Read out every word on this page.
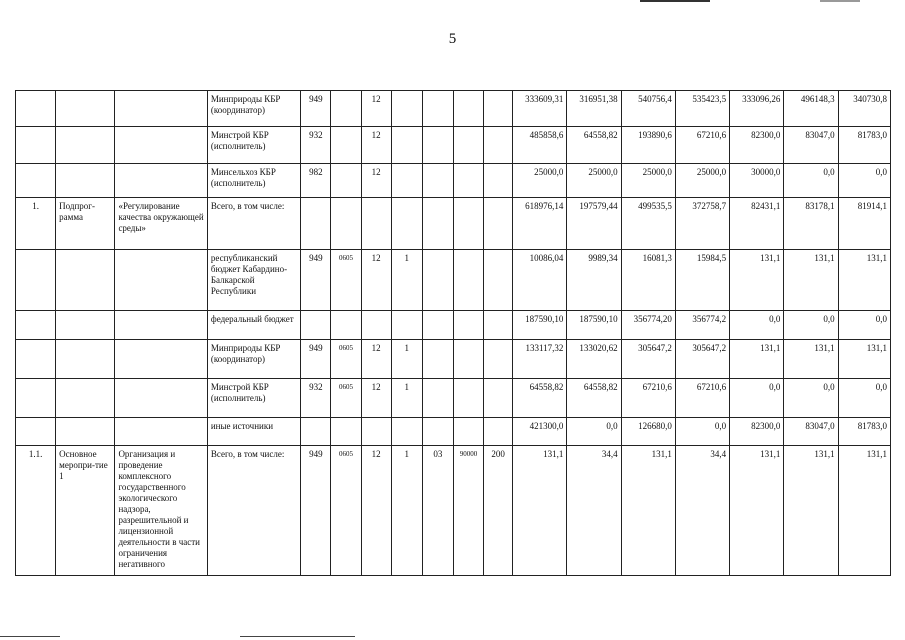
5
			Минприроды КБР (координатор)	949		12					333609,31	316951,38	540756,4	535423,5	333096,26	496148,3	340730,8
			Минстрой КБР (исполнитель)	932		12					485858,6	64558,82	193890,6	67210,6	82300,0	83047,0	81783,0
			Минсельхоз КБР (исполнитель)	982		12					25000,0	25000,0	25000,0	25000,0	30000,0	0,0	0,0
1.	Подпрог-рамма	«Регулирование качества окружающей среды»	Всего, в том числе:								618976,14	197579,44	499535,5	372758,7	82431,1	83178,1	81914,1
			республиканский бюджет Кабардино-Балкарской Республики	949	0605	12	1				10086,04	9989,34	16081,3	15984,5	131,1	131,1	131,1
			федеральный бюджет								187590,10	187590,10	356774,20	356774,2	0,0	0,0	0,0
			Минприроды КБР (координатор)	949	0605	12	1				133117,32	133020,62	305647,2	305647,2	131,1	131,1	131,1
			Минстрой КБР (исполнитель)	932	0605	12	1				64558,82	64558,82	67210,6	67210,6	0,0	0,0	0,0
			иные источники								421300,0	0,0	126680,0	0,0	82300,0	83047,0	81783,0
1.1.	Основное меропри-тие 1	Организация и проведение комплексного государственного экологического надзора, разрешительной и лицензионной деятельности в части ограничения негативного	Всего, в том числе:	949	0605	12	1	03	90000	200	131,1	34,4	131,1	34,4	131,1	131,1	131,1
